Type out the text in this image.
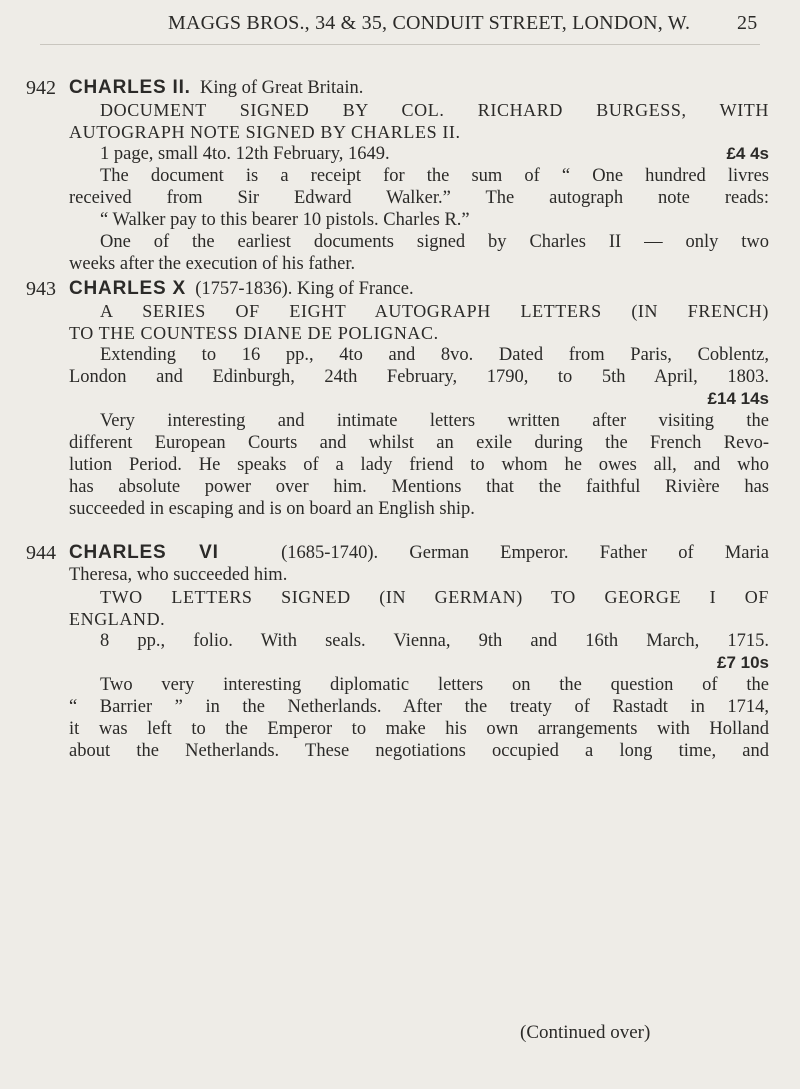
MAGGS BROS., 34 & 35, CONDUIT STREET, LONDON, W. 25
942 CHARLES II. King of Great Britain.
DOCUMENT SIGNED BY COL. RICHARD BURGESS, WITH
AUTOGRAPH NOTE SIGNED BY CHARLES II.
1 page, small 4to. 12th February, 1649.	£4 4s
The document is a receipt for the sum of “ One hundred livres
received from Sir Edward Walker.” The autograph note reads:
“ Walker pay to this bearer 10 pistols. Charles R.”
One of the earliest documents signed by Charles II — only two
weeks after the execution of his father.
943 CHARLES X (1757-1836). King of France.
A SERIES OF EIGHT AUTOGRAPH LETTERS (IN FRENCH)
TO THE COUNTESS DIANE DE POLIGNAC.
Extending to 16 pp., 4to and 8vo. Dated from Paris, Coblentz,
London and Edinburgh, 24th February, 1790, to 5th April, 1803.
£14 14s
Very interesting and intimate letters written after visiting the
different European Courts and whilst an exile during the French Revo-
lution Period. He speaks of a lady friend to whom he owes all, and who
has absolute power over him. Mentions that the faithful Rivière has
succeeded in escaping and is on board an English ship.
944 CHARLES VI	(1685-1740). German Emperor. Father of Maria
Theresa, who succeeded him.
TWO LETTERS SIGNED (IN GERMAN) TO GEORGE I OF
ENGLAND.
8 pp., folio. With seals. Vienna, 9th and 16th March, 1715.
£7 10s
Two very interesting diplomatic letters on the question of the
“ Barrier ” in the Netherlands. After the treaty of Rastadt in 1714,
it was left to the Emperor to make his own arrangements with Holland
about the Netherlands. These negotiations occupied a long time, and
(Continued over)
